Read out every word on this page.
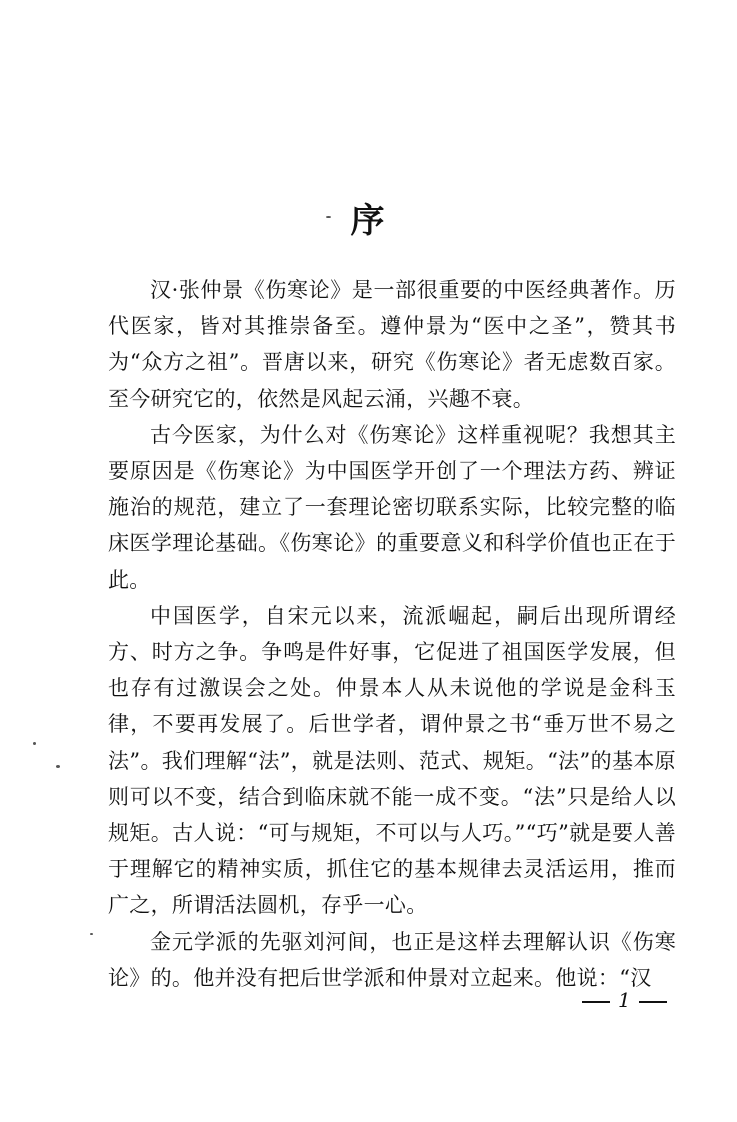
序

汉·张仲景《伤寒论》是一部很重要的中医经典著作。历代医家，皆对其推崇备至。遵仲景为“医中之圣”，赞其书为“众方之祖”。晋唐以来，研究《伤寒论》者无虑数百家。至今研究它的，依然是风起云涌，兴趣不衰。

古今医家，为什么对《伤寒论》这样重视呢？我想其主要原因是《伤寒论》为中国医学开创了一个理法方药、辨证施治的规范，建立了一套理论密切联系实际，比较完整的临床医学理论基础。《伤寒论》的重要意义和科学价值也正在于此。

中国医学，自宋元以来，流派崛起，嗣后出现所谓经方、时方之争。争鸣是件好事，它促进了祖国医学发展，但也存有过激误会之处。仲景本人从未说他的学说是金科玉律，不要再发展了。后世学者，谓仲景之书“垂万世不易之法”。我们理解“法”，就是法则、范式、规矩。“法”的基本原则可以不变，结合到临床就不能一成不变。“法”只是给人以规矩。古人说：“可与规矩，不可以与人巧。”“巧”就是要人善于理解它的精神实质，抓住它的基本规律去灵活运用，推而广之，所谓活法圆机，存乎一心。

金元学派的先驱刘河间，也正是这样去理解认识《伤寒论》的。他并没有把后世学派和仲景对立起来。他说：“汉

1
